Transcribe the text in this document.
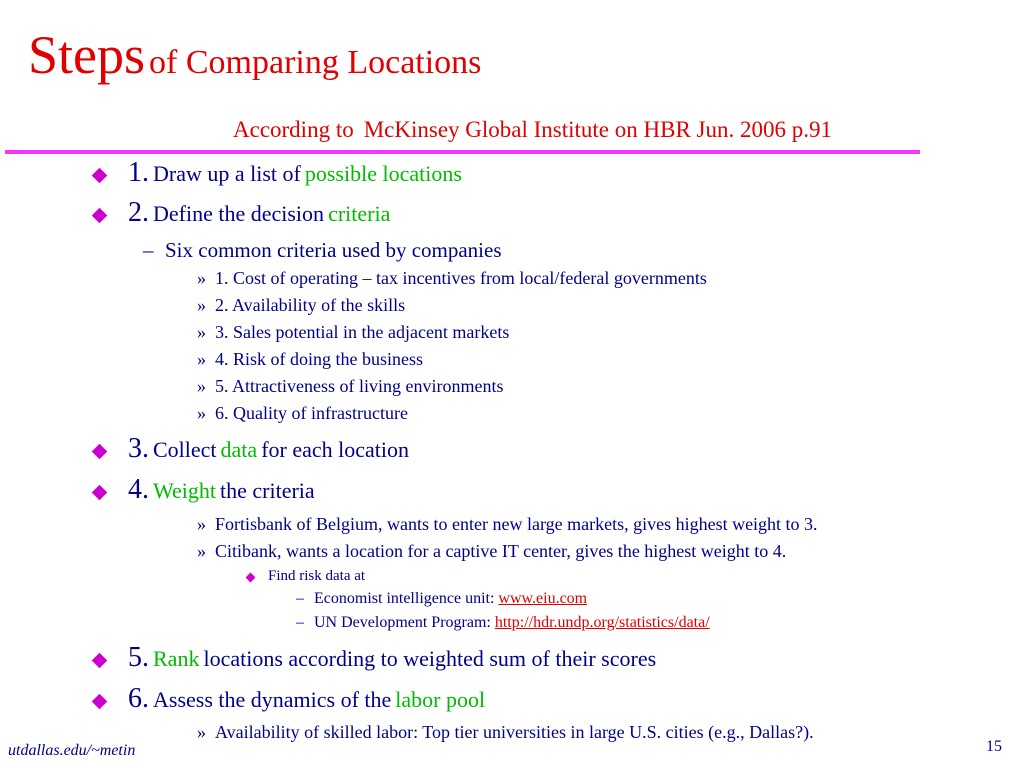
Steps of Comparing Locations
According to McKinsey Global Institute on HBR Jun. 2006 p.91
1. Draw up a list of possible locations
2. Define the decision criteria
– Six common criteria used by companies
» 1. Cost of operating – tax incentives from local/federal governments
» 2. Availability of the skills
» 3. Sales potential in the adjacent markets
» 4. Risk of doing the business
» 5. Attractiveness of living environments
» 6. Quality of infrastructure
3. Collect data for each location
4. Weight the criteria
» Fortisbank of Belgium, wants to enter new large markets, gives highest weight to 3.
» Citibank, wants a location for a captive IT center, gives the highest weight to 4.
Find risk data at
– Economist intelligence unit: www.eiu.com
– UN Development Program: http://hdr.undp.org/statistics/data/
5. Rank locations according to weighted sum of their scores
6. Assess the dynamics of the labor pool
» Availability of skilled labor: Top tier universities in large U.S. cities (e.g., Dallas?).
utdallas.edu/~metin	15
